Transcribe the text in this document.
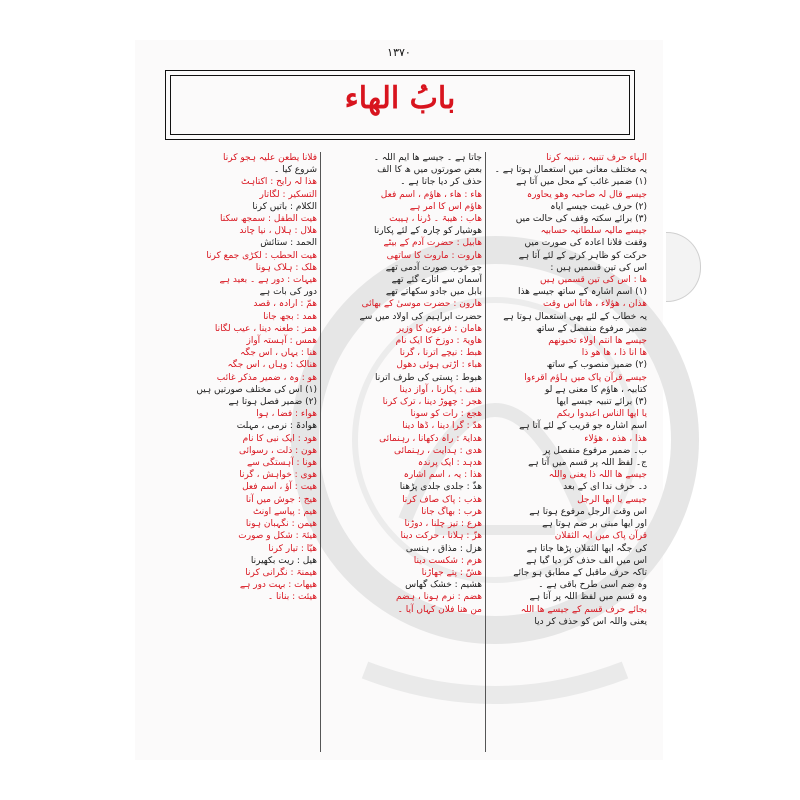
۱۳۷۰
بابُ الهاء
الہاء حرف تنبیہ ، تنبیہ کرنا
یہ مختلف معانی میں استعمال ہوتا ہے ۔
(۱) ضمیر غائب کے محل میں آتا ہے
جیسے قال لہ صاحبہ وھو یحاورہ
(۲) حرف غیبت جیسے ایاہ
(۳) برائے سکتہ وقف کی حالت میں
جیسے مالیہ سلطانیہ حسابیہ
وقفت فلانا اعادہ کی صورت میں
حرکت کو ظاہر کرنے کے لئے آتا ہے
اس کی تین قسمیں ہیں :
ھا : اس کی تین قسمیں ہیں
(۱) اسم اشارہ کے ساتھ جیسے ھذا
ھذان ، ھؤلاء ، ھاتا اس وقت
یہ خطاب کے لئے بھی استعمال ہوتا ہے
ضمیر مرفوع منفصل کے ساتھ
جیسے ھا انتم اولاء تحبونھم
ھا انا ذا ، ھا ھو ذا
(۲) ضمیر منصوب کے ساتھ
جیسے قرآن پاک میں ہاؤم اقرءوا
کتابیہ ، ھاؤم کا معنی ہے لو
(۳) برائے تنبیہ جیسے ایھا
یا ایھا الناس اعبدوا ربکم
اسم اشارہ جو قریب کے لئے آتا ہے
ھذا ، ھذہ ، ھؤلاء
ب۔ ضمیر مرفوع منفصل پر
ج۔ لفظ اللہ پر قسم میں آتا ہے
جیسے ھا اللہ ذا یعنی واللہ
د۔ حرف ندا ای کے بعد
جیسے یا ایھا الرجل
اس وقت الرجل مرفوع ہوتا ہے
اور ایھا مبنی بر ضم ہوتا ہے
قرآن پاک میں ایہ الثقلان
کی جگہ ایھا الثقلان پڑھا جاتا ہے
اس میں الف حذف کر دیا گیا ہے
تاکہ حرف ماقبل کے مطابق ہو جائے
وہ ضم اسی طرح باقی ہے ۔
وہ قسم میں لفظ اللہ پر آتا ہے
بجائے حرف قسم کے جیسے ھا اللہ
یعنی واللہ اس کو حذف کر دیا
جاتا ہے ۔ جیسے ھا ایم اللہ ۔
بعض صورتوں میں ھ کا الف
حذف کر دیا جاتا ہے ۔
ھاء : ھاء ، ھاؤم ، اسم فعل
ھاؤم اس کا امر ہے
ھاب : ھیبۃ ۔ ڈرنا ، ہیبت
ھوشیار کو چارہ کے لئے پکارنا
ھابیل : حضرت آدم کے بیٹے
ھاروت : ماروت کا ساتھی
جو خوب صورت آدمی تھے
آسمان سے اتارے گئے تھے
بابل میں جادو سکھاتے تھے
ھارون : حضرت موسیٰ کے بھائی
حضرت ابراہیم کی اولاد میں سے
ھامان : فرعون کا وزیر
ھاویۃ : دوزخ کا ایک نام
ھبط : نیچے اترنا ، گرنا
ھباء : اڑتی ہوئی دھول
ھبوط : پستی کی طرف اترنا
ھتف : پکارنا ، آواز دینا
ھجر : چھوڑ دینا ، ترک کرنا
ھجع : رات کو سونا
ھدّ : گرا دینا ، ڈھا دینا
ھدایۃ : راہ دکھانا ، رہنمائی
ھدی : ہدایت ، رہنمائی
ھدہد : ایک پرندہ
ھذا : یہ ، اسم اشارہ
ھذّ : جلدی جلدی پڑھنا
ھذب : پاک صاف کرنا
ھرب : بھاگ جانا
ھرع : تیز چلنا ، دوڑنا
ھزّ : ہلانا ، حرکت دینا
ھزل : مذاق ، ہنسی
ھزم : شکست دینا
ھشّ : پتے جھاڑنا
ھشیم : خشک گھاس
ھضم : نرم ہونا ، ہضم
من ھنا فلان کہاں آیا ۔
فلانا یطعن علیہ ہجو کرنا
شروع کیا ۔
ھذا لہ رایح : اکتاہٹ
التسکیر : لگاتار
الکلام : باتیں کرنا
ھیت الطفل : سمجھ سکنا
ھلال : ہلال ، نیا چاند
الحمد : ستائش
ھیت الحطب : لکڑی جمع کرنا
ھلک : ہلاک ہونا
ھیہات : دور ہے ۔ بعید ہے
دور کی بات ہے
ھمّ : ارادہ ، قصد
ھمد : بجھ جانا
ھمز : طعنہ دینا ، عیب لگانا
ھمس : آہستہ آواز
ھنا : یہاں ، اس جگہ
ھنالک : وہاں ، اس جگہ
ھو : وہ ، ضمیر مذکر غائب
(۱) اس کی مختلف صورتیں ہیں
(۲) ضمیر فصل ہوتا ہے
ھواء : فضا ، ہوا
ھوادۃ : نرمی ، مہلت
ھود : ایک نبی کا نام
ھون : ذلت ، رسوائی
ھونا : آہستگی سے
ھوی : خواہش ، گرنا
ھیت : آؤ ، اسم فعل
ھیج : جوش میں آنا
ھیم : پیاسے اونٹ
ھیمن : نگہبان ہونا
ھیئۃ : شکل و صورت
ھیّا : تیار کرنا
ھیل : ریت بکھیرنا
ھیمنۃ : نگرانی کرنا
ھیھات : بہت دور ہے
ھیئت : بنانا ۔
